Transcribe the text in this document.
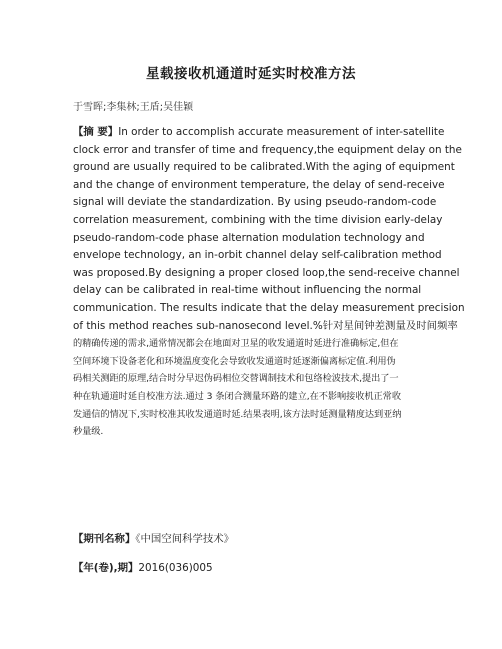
星载接收机通道时延实时校准方法
于雪晖;李集林;王盾;吴佳颖
【摘 要】In order to accomplish accurate measurement of inter-satellite
clock error and transfer of time and frequency,the equipment delay on the
ground are usually required to be calibrated.With the aging of equipment
and the change of environment temperature, the delay of send-receive
signal will deviate the standardization. By using pseudo-random-code
correlation measurement, combining with the time division early-delay
pseudo-random-code phase alternation modulation technology and
envelope technology, an in-orbit channel delay self-calibration method
was proposed.By designing a proper closed loop,the send-receive channel
delay can be calibrated in real-time without influencing the normal
communication. The results indicate that the delay measurement precision
of this method reaches sub-nanosecond level.%针对星间钟差测量及时间频率
的精确传递的需求,通常情况都会在地面对卫星的收发通道时延进行准确标定,但在
空间环境下设备老化和环境温度变化会导致收发通道时延逐渐偏离标定值.利用伪
码相关测距的原理,结合时分早迟伪码相位交替调制技术和包络检波技术,提出了一
种在轨通道时延自校准方法.通过 3 条闭合测量环路的建立,在不影响接收机正常收
发通信的情况下,实时校准其收发通道时延.结果表明,该方法时延测量精度达到亚纳
秒量级.
【期刊名称】《中国空间科学技术》
【年(卷),期】2016(036)005
